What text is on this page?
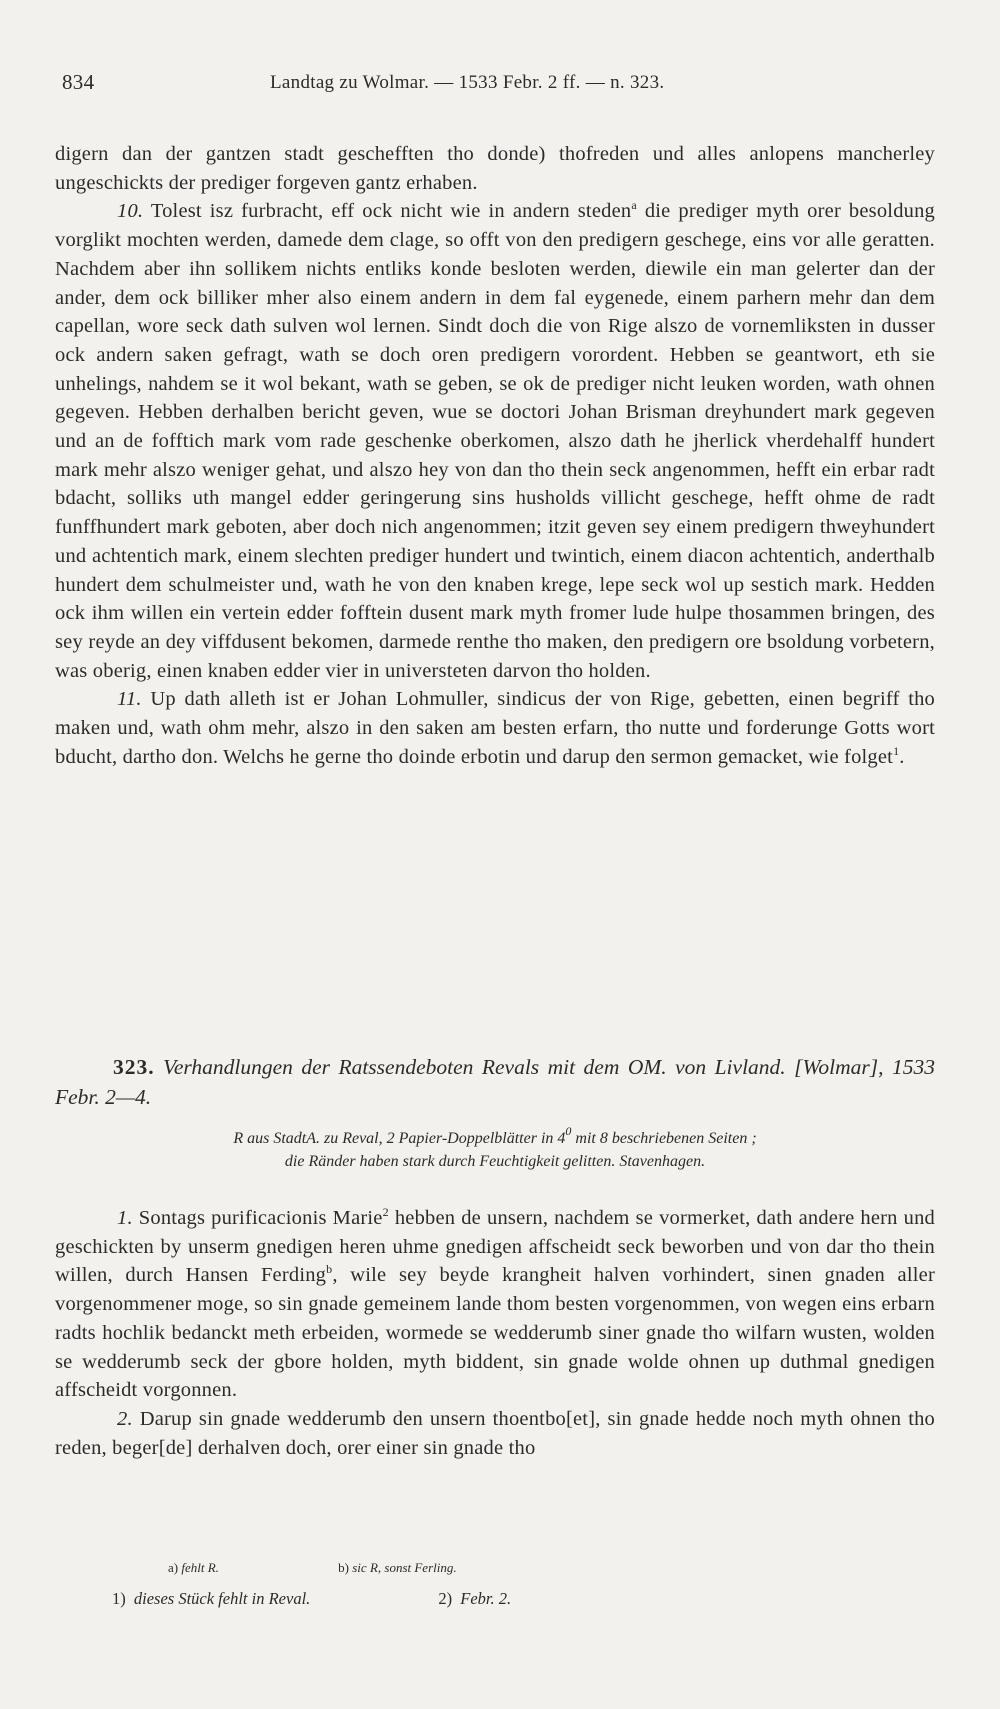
834	Landtag zu Wolmar. — 1533 Febr. 2 ff. — n. 323.

digern dan der gantzen stadt geschefften tho donde) thofreden und alles anlopens mancherley ungeschickts der prediger forgeven gantz erhaben.

10. Tolest isz furbracht, eff ock nicht wie in andern steden$^a$ die prediger myth orer besoldung vorglikt mochten werden, damede dem clage, so offt von den predigern geschege, eins vor alle geratten. Nachdem aber ihn sollikem nichts entliks konde besloten werden, diewile ein man gelerter dan der ander, dem ock billiker mher also einem andern in dem fal eygenede, einem parhern mehr dan dem capellan, wore seck dath sulven wol lernen. Sindt doch die von Rige alszo de vornemliksten in dusser ock andern saken gefragt, wath se doch oren predigern vorordent. Hebben se geantwort, eth sie unhelings, nahdem se it wol bekant, wath se geben, se ok de prediger nicht leuken worden, wath ohnen gegeven. Hebben derhalben bericht geven, wue se doctori Johan Brisman dreyhundert mark gegeven und an de fofftich mark vom rade geschenke oberkomen, alszo dath he jherlick vherdehalff hundert mark mehr alszo weniger gehat, und alszo hey von dan tho thein seck angenommen, hefft ein erbar radt bdacht, solliks uth mangel edder geringerung sins husholds villicht geschege, hefft ohme de radt funffhundert mark geboten, aber doch nich angenommen; itzit geven sey einem predigern thweyhundert und achtentich mark, einem slechten prediger hundert und twintich, einem diacon achtentich, anderthalb hundert dem schulmeister und, wath he von den knaben krege, lepe seck wol up sestich mark. Hedden ock ihm willen ein vertein edder fofftein dusent mark myth fromer lude hulpe thosammen bringen, des sey reyde an dey viffdusent bekomen, darmede renthe tho maken, den predigern ore bsoldung vorbetern, was oberig, einen knaben edder vier in universteten darvon tho holden.

11. Up dath alleth ist er Johan Lohmuller, sindicus der von Rige, gebetten, einen begriff tho maken und, wath ohm mehr, alszo in den saken am besten erfarn, tho nutte und forderunge Gotts wort bducht, dartho don. Welchs he gerne tho doinde erbotin und darup den sermon gemacket, wie folget$^1$.

323. Verhandlungen der Ratssendeboten Revals mit dem OM. von Livland. [Wolmar], 1533 Febr. 2—4.
R aus StadtA. zu Reval, 2 Papier-Doppelblätter in $4^0$ mit 8 beschriebenen Seiten ;
die Ränder haben stark durch Feuchtigkeit gelitten. Stavenhagen.

1. Sontags purificacionis Marie$^2$ hebben de unsern, nachdem se vormerket, dath andere hern und geschickten by unserm gnedigen heren uhme gnedigen affscheidt seck beworben und von dar tho thein willen, durch Hansen Ferding$^b$, wile sey beyde krangheit halven vorhindert, sinen gnaden aller vorgenommener moge, so sin gnade gemeinem lande thom besten vorgenommen, von wegen eins erbarn radts hochlik bedanckt meth erbeiden, wormede se wedderumb siner gnade tho wilfarn wusten, wolden se wedderumb seck der gbore holden, myth biddent, sin gnade wolde ohnen up duthmal gnedigen affscheidt vorgonnen.

2. Darup sin gnade wedderumb den unsern thoentbo[et], sin gnade hedde noch myth ohnen tho reden, beger[de] derhalven doch, orer einer sin gnade tho

a) fehlt R.	b) sic R, sonst Ferling.
1) dieses Stück fehlt in Reval.	2) Febr. 2.
